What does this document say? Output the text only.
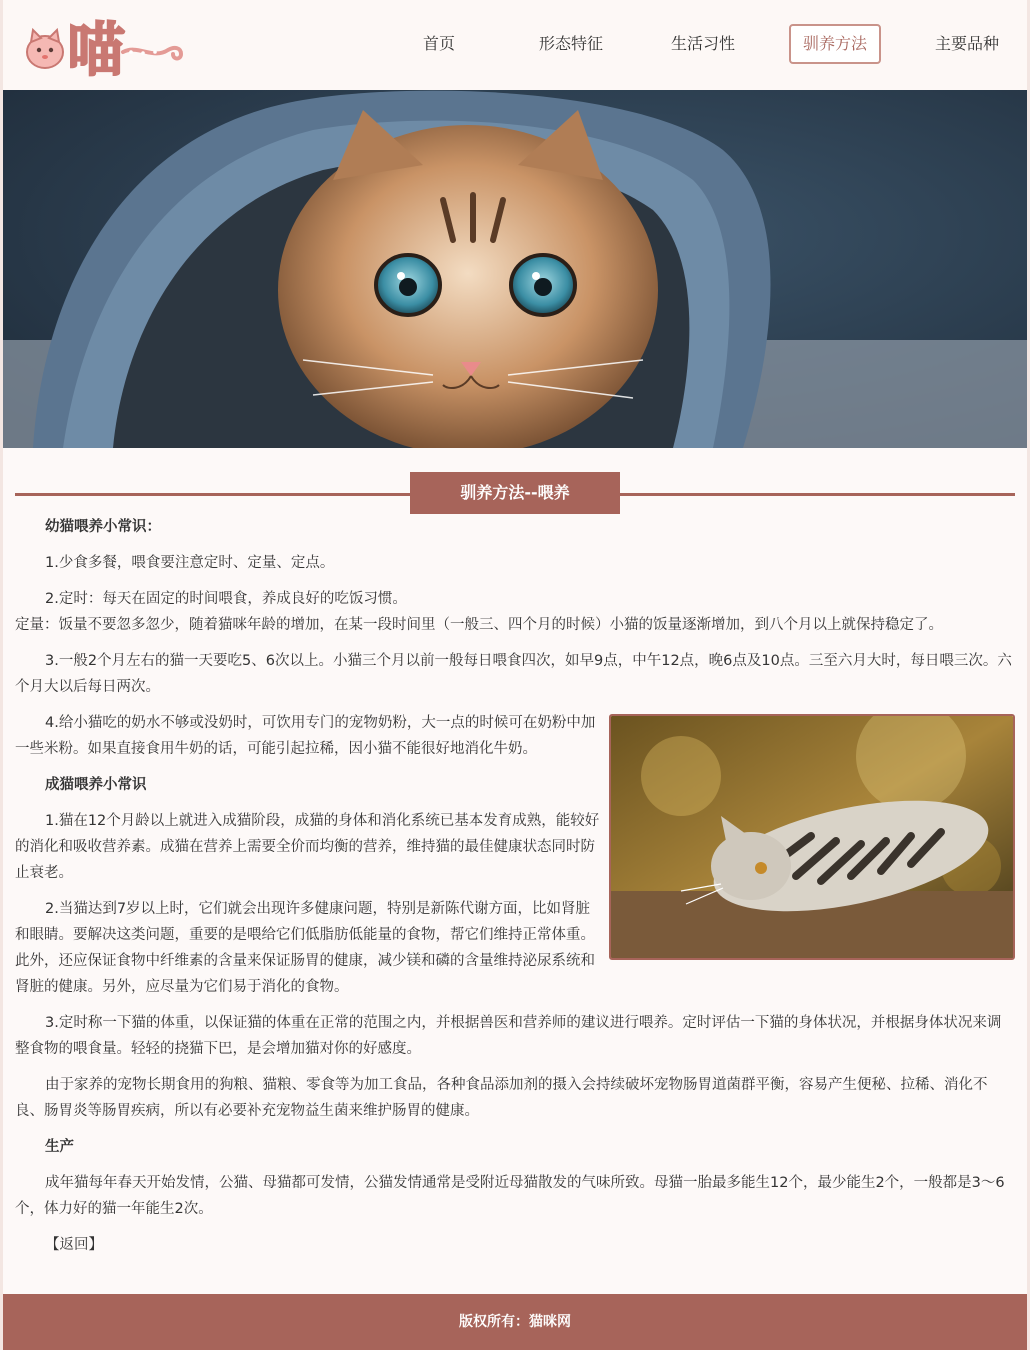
喵	首页	形态特征	生活习性	驯养方法	主要品种
驯养方法--喂养

幼猫喂养小常识：

1.少食多餐，喂食要注意定时、定量、定点。

2.定时：每天在固定的时间喂食，养成良好的吃饭习惯。

定量：饭量不要忽多忽少，随着猫咪年龄的增加，在某一段时间里（一般三、四个月的时候）小猫的饭量逐渐增加，到八个月以上就保持稳定了。

3.一般2个月左右的猫一天要吃5、6次以上。小猫三个月以前一般每日喂食四次，如早9点，中午12点，晚6点及10点。三至六月大时，每日喂三次。六个月大以后每日两次。

4.给小猫吃的奶水不够或没奶时，可饮用专门的宠物奶粉，大一点的时候可在奶粉中加一些米粉。如果直接食用牛奶的话，可能引起拉稀，因小猫不能很好地消化牛奶。

成猫喂养小常识

1.猫在12个月龄以上就进入成猫阶段，成猫的身体和消化系统已基本发育成熟，能较好的消化和吸收营养素。成猫在营养上需要全价而均衡的营养，维持猫的最佳健康状态同时防止衰老。

2.当猫达到7岁以上时，它们就会出现许多健康问题，特别是新陈代谢方面，比如肾脏和眼睛。要解决这类问题，重要的是喂给它们低脂肪低能量的食物，帮它们维持正常体重。此外，还应保证食物中纤维素的含量来保证肠胃的健康，减少镁和磷的含量维持泌尿系统和肾脏的健康。另外，应尽量为它们易于消化的食物。

3.定时称一下猫的体重，以保证猫的体重在正常的范围之内，并根据兽医和营养师的建议进行喂养。定时评估一下猫的身体状况，并根据身体状况来调整食物的喂食量。轻轻的挠猫下巴，是会增加猫对你的好感度。

由于家养的宠物长期食用的狗粮、猫粮、零食等为加工食品，各种食品添加剂的摄入会持续破坏宠物肠胃道菌群平衡，容易产生便秘、拉稀、消化不良、肠胃炎等肠胃疾病，所以有必要补充宠物益生菌来维护肠胃的健康。

生产

成年猫每年春天开始发情，公猫、母猫都可发情，公猫发情通常是受附近母猫散发的气味所致。母猫一胎最多能生12个，最少能生2个，一般都是3～6个，体力好的猫一年能生2次。

【返回】

版权所有：猫咪网
